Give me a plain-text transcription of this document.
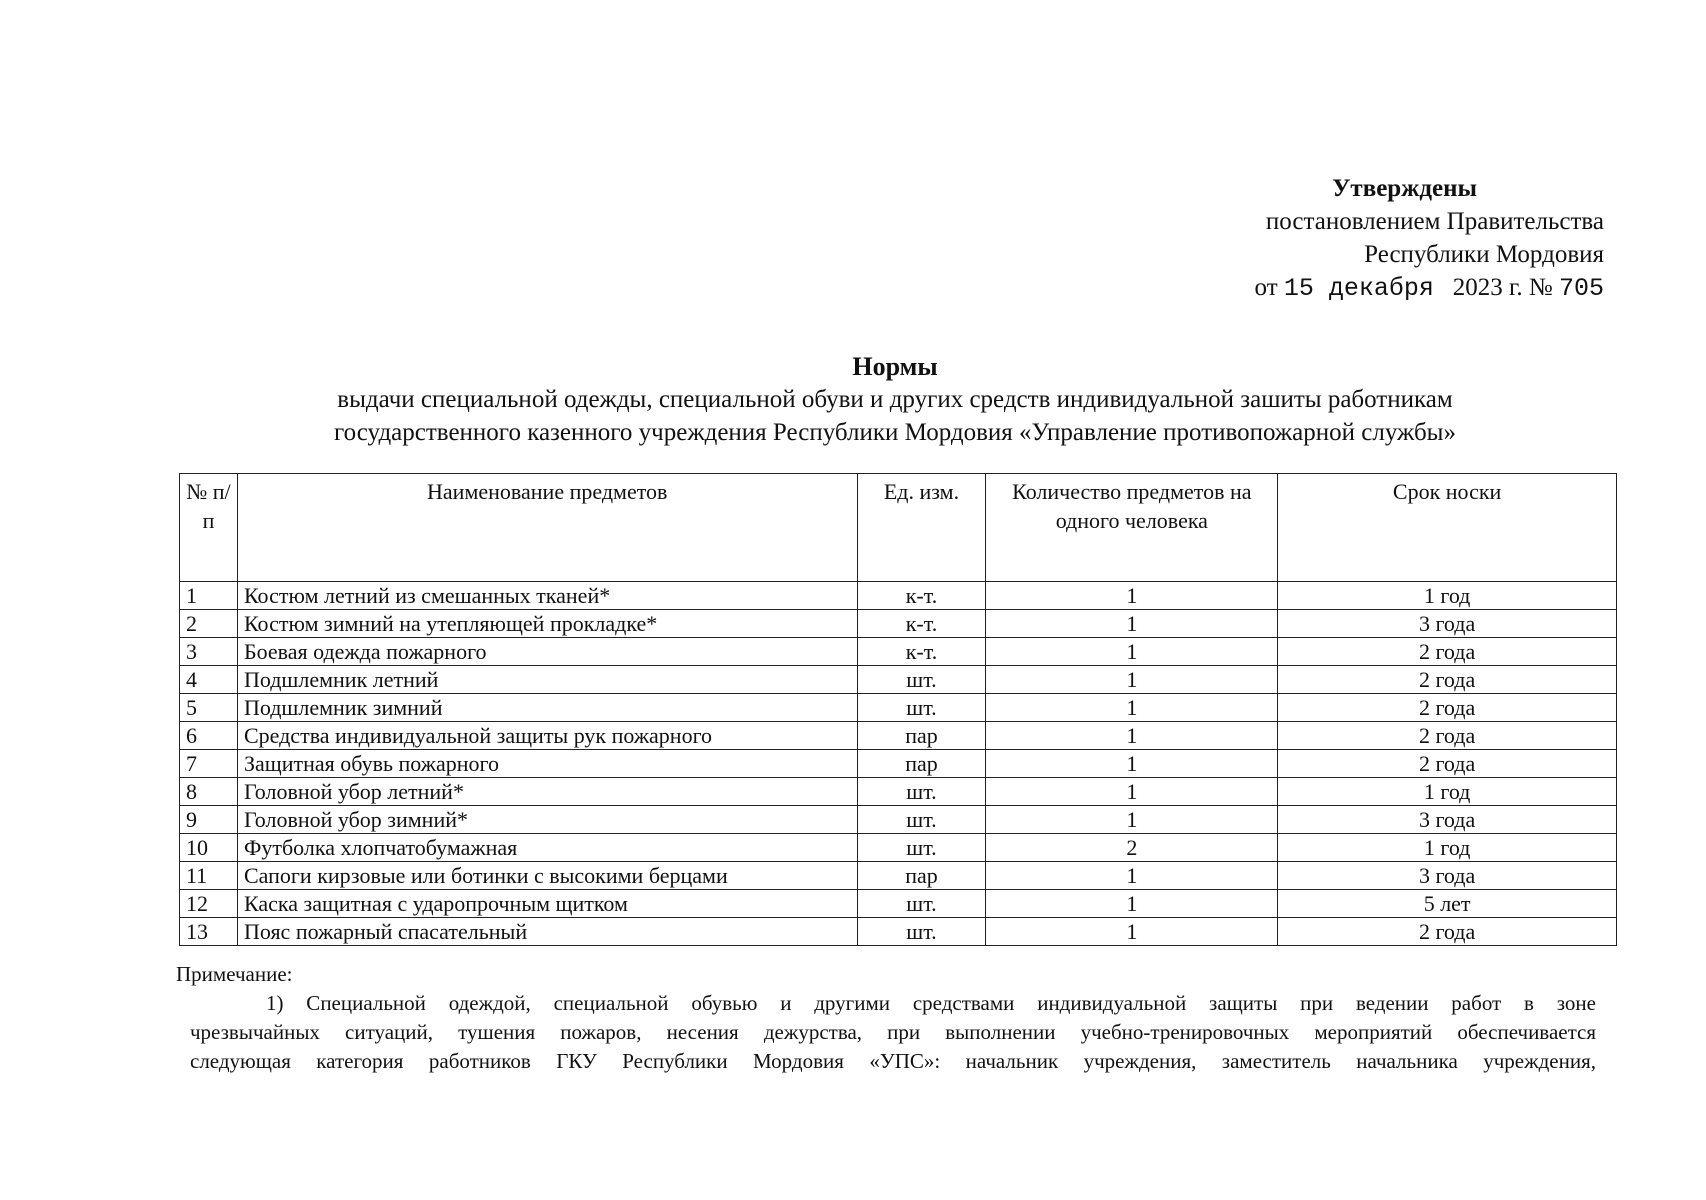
Утверждены
постановлением Правительства
Республики Мордовия
от 15 декабря 2023 г. № 705
Нормы
выдачи специальной одежды, специальной обуви и других средств индивидуальной зашиты работникам
государственного казенного учреждения Республики Мордовия «Управление противопожарной службы»
№ п/п	Наименование предметов	Ед. изм.	Количество предметов на одного человека	Срок носки
1	Костюм летний из смешанных тканей*	к-т.	1	1 год
2	Костюм зимний на утепляющей прокладке*	к-т.	1	3 года
3	Боевая одежда пожарного	к-т.	1	2 года
4	Подшлемник летний	шт.	1	2 года
5	Подшлемник зимний	шт.	1	2 года
6	Средства индивидуальной защиты рук пожарного	пар	1	2 года
7	Защитная обувь пожарного	пар	1	2 года
8	Головной убор летний*	шт.	1	1 год
9	Головной убор зимний*	шт.	1	3 года
10	Футболка хлопчатобумажная	шт.	2	1 год
11	Сапоги кирзовые или ботинки с высокими берцами	пар	1	3 года
12	Каска защитная с ударопрочным щитком	шт.	1	5 лет
13	Пояс пожарный спасательный	шт.	1	2 года
Примечание:
1) Специальной одеждой, специальной обувью и другими средствами индивидуальной защиты при ведении работ в зоне
чрезвычайных ситуаций, тушения пожаров, несения дежурства, при выполнении учебно-тренировочных мероприятий обеспечивается
следующая категория работников ГКУ Республики Мордовия «УПС»: начальник учреждения, заместитель начальника учреждения,
